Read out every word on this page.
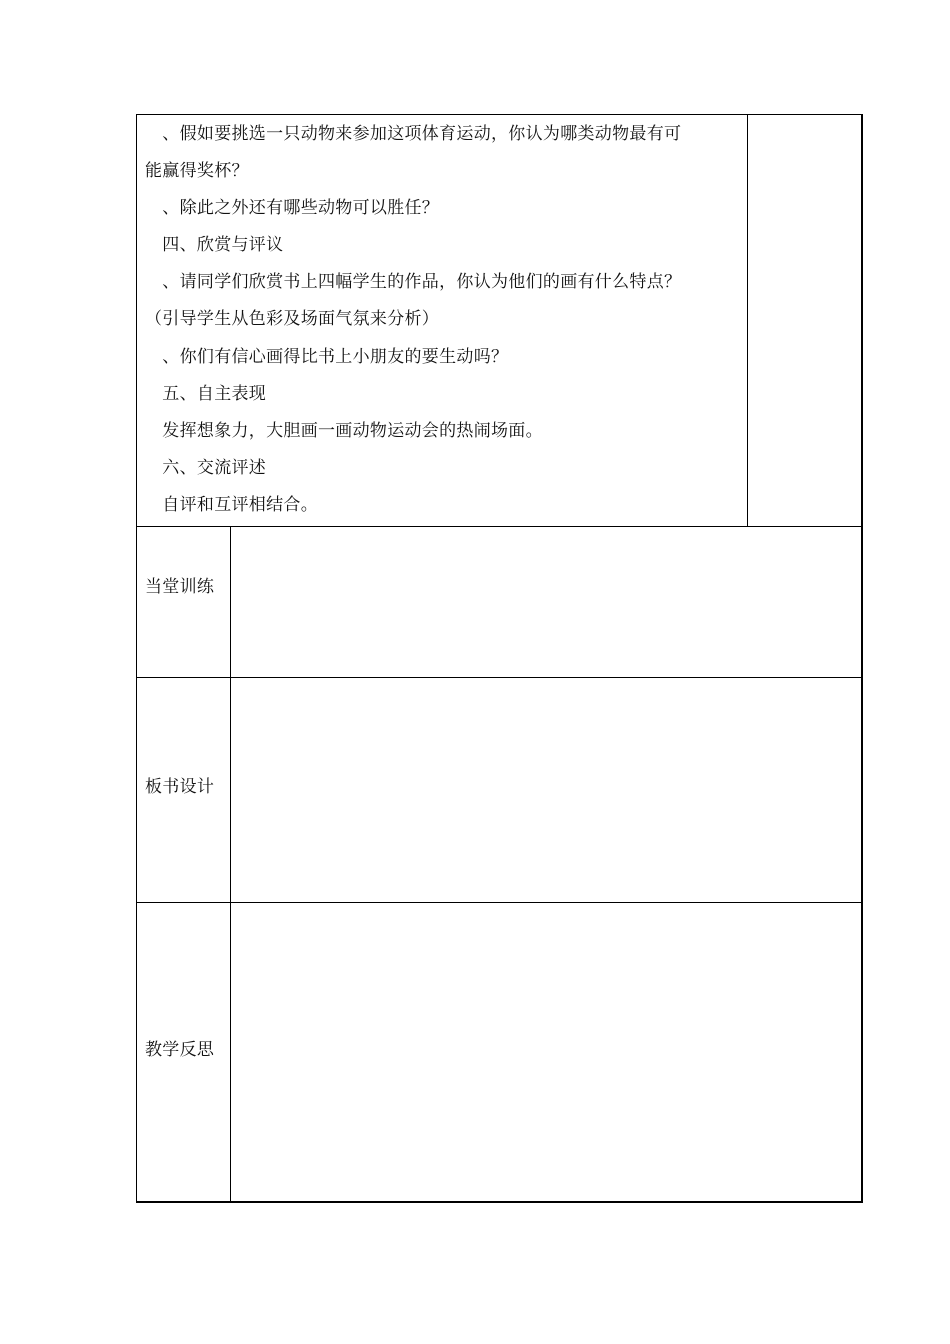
　、假如要挑选一只动物来参加这项体育运动，你认为哪类动物最有可
能赢得奖杯？
　、除此之外还有哪些动物可以胜任？
　四、欣赏与评议
　、请同学们欣赏书上四幅学生的作品，你认为他们的画有什么特点？
（引导学生从色彩及场面气氛来分析）
　、你们有信心画得比书上小朋友的要生动吗？
　五、自主表现
　发挥想象力，大胆画一画动物运动会的热闹场面。
　六、交流评述
　自评和互评相结合。
当堂训练
板书设计
教学反思
